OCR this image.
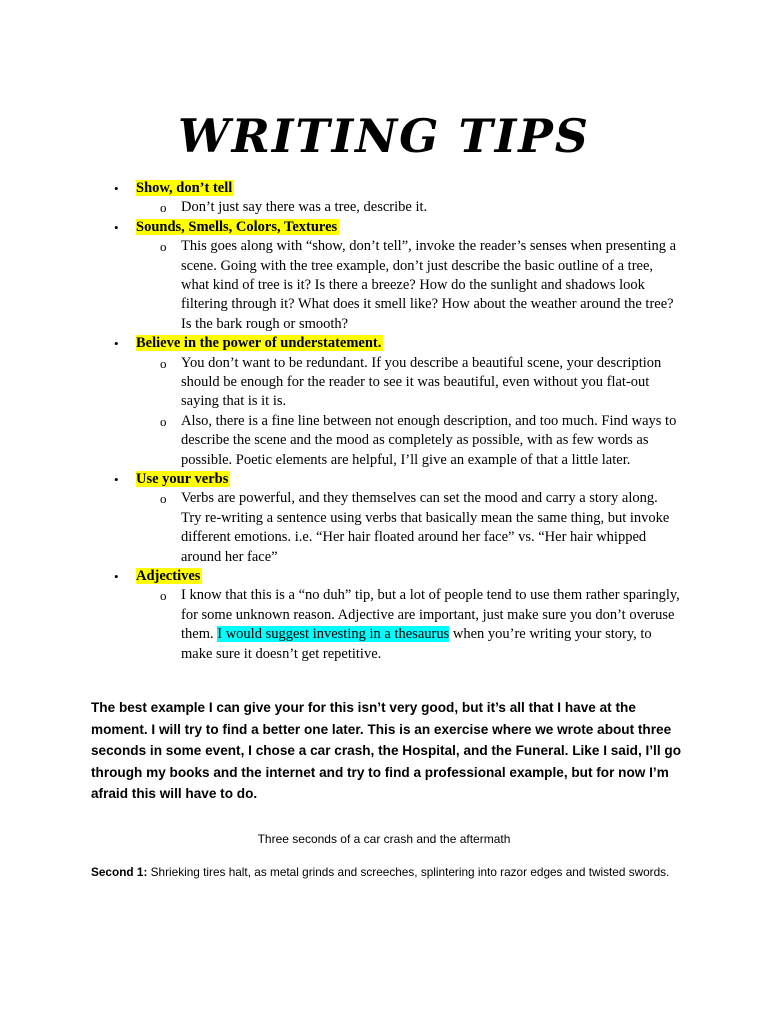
WRITING TIPS
• Show, don’t tell
o Don’t just say there was a tree, describe it.
• Sounds, Smells, Colors, Textures
o This goes along with “show, don’t tell”, invoke the reader’s senses when presenting a scene. Going with the tree example, don’t just describe the basic outline of a tree, what kind of tree is it? Is there a breeze? How do the sunlight and shadows look filtering through it? What does it smell like? How about the weather around the tree? Is the bark rough or smooth?
• Believe in the power of understatement.
o You don’t want to be redundant. If you describe a beautiful scene, your description should be enough for the reader to see it was beautiful, even without you flat-out saying that is it is.
o Also, there is a fine line between not enough description, and too much. Find ways to describe the scene and the mood as completely as possible, with as few words as possible. Poetic elements are helpful, I’ll give an example of that a little later.
• Use your verbs
o Verbs are powerful, and they themselves can set the mood and carry a story along. Try re-writing a sentence using verbs that basically mean the same thing, but invoke different emotions. i.e. “Her hair floated around her face” vs. “Her hair whipped around her face”
• Adjectives
o I know that this is a “no duh” tip, but a lot of people tend to use them rather sparingly, for some unknown reason. Adjective are important, just make sure you don’t overuse them. I would suggest investing in a thesaurus when you’re writing your story, to make sure it doesn’t get repetitive.
The best example I can give your for this isn’t very good, but it’s all that I have at the moment. I will try to find a better one later. This is an exercise where we wrote about three seconds in some event, I chose a car crash, the Hospital, and the Funeral. Like I said, I’ll go through my books and the internet and try to find a professional example, but for now I’m afraid this will have to do.
Three seconds of a car crash and the aftermath
Second 1: Shrieking tires halt, as metal grinds and screeches, splintering into razor edges and twisted swords.
